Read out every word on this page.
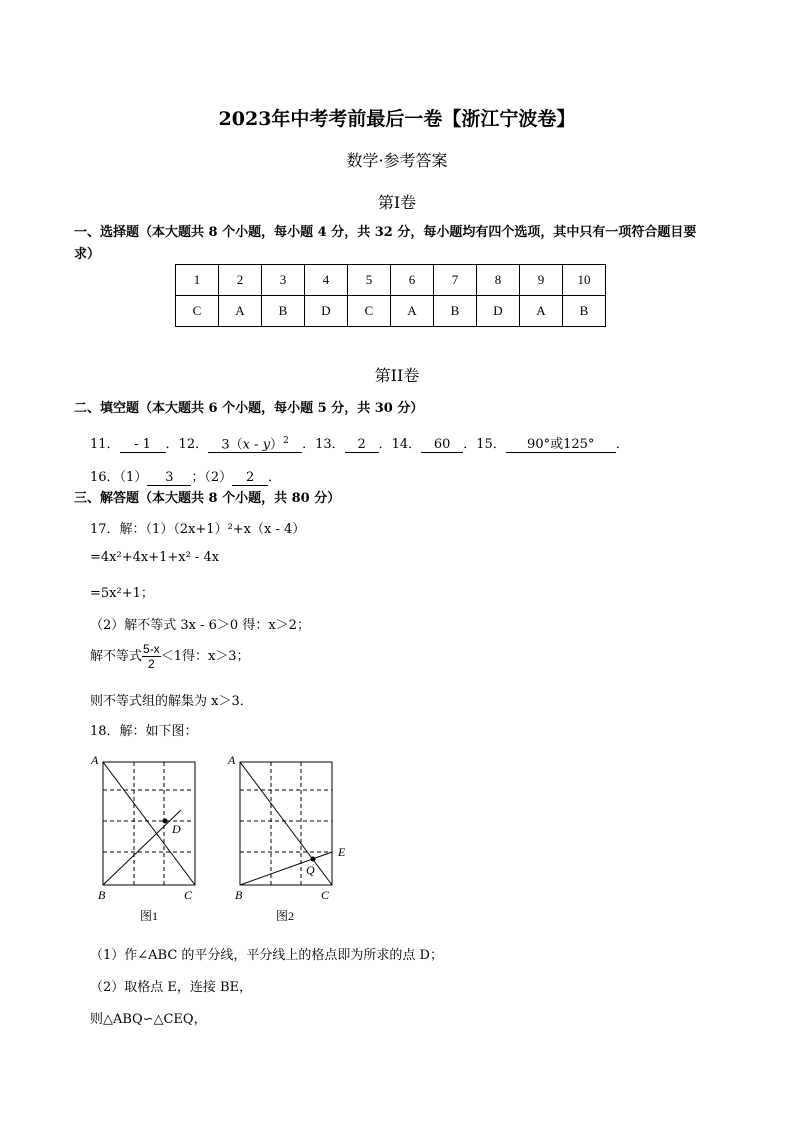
2023年中考考前最后一卷【浙江宁波卷】
数学·参考答案
第Ⅰ卷
一、选择题（本大题共 8 个小题，每小题 4 分，共 32 分，每小题均有四个选项，其中只有一项符合题目要
求）
1	2	3	4	5	6	7	8	9	10
C	A	B	D	C	A	B	D	A	B
第II卷
二、填空题（本大题共 6 个小题，每小题 5 分，共 30 分）
11． - 1 ．12． 3（x - y）$^2$ ．13． 2 ．14． 60 ．15． 90°或125° ．
16．（1） 3 ；（2） 2 ．
三、解答题（本大题共 8 个小题，共 80 分）
17．解：（1）（2x+1）²+x（x - 4）
=4x²+4x+1+x² - 4x
=5x²+1；
（2）解不等式 3x - 6＞0 得：x＞2；
解不等式 $\frac{5-x}{2} <1$得：x＞3；
则不等式组的解集为 x＞3．
18．解：如下图：
A
B	C
D
图1
A
B	C
E
Q
图2
（1）作∠ABC 的平分线，平分线上的格点即为所求的点 D；
（2）取格点 E，连接 BE，
则△ABQ∽△CEQ，
